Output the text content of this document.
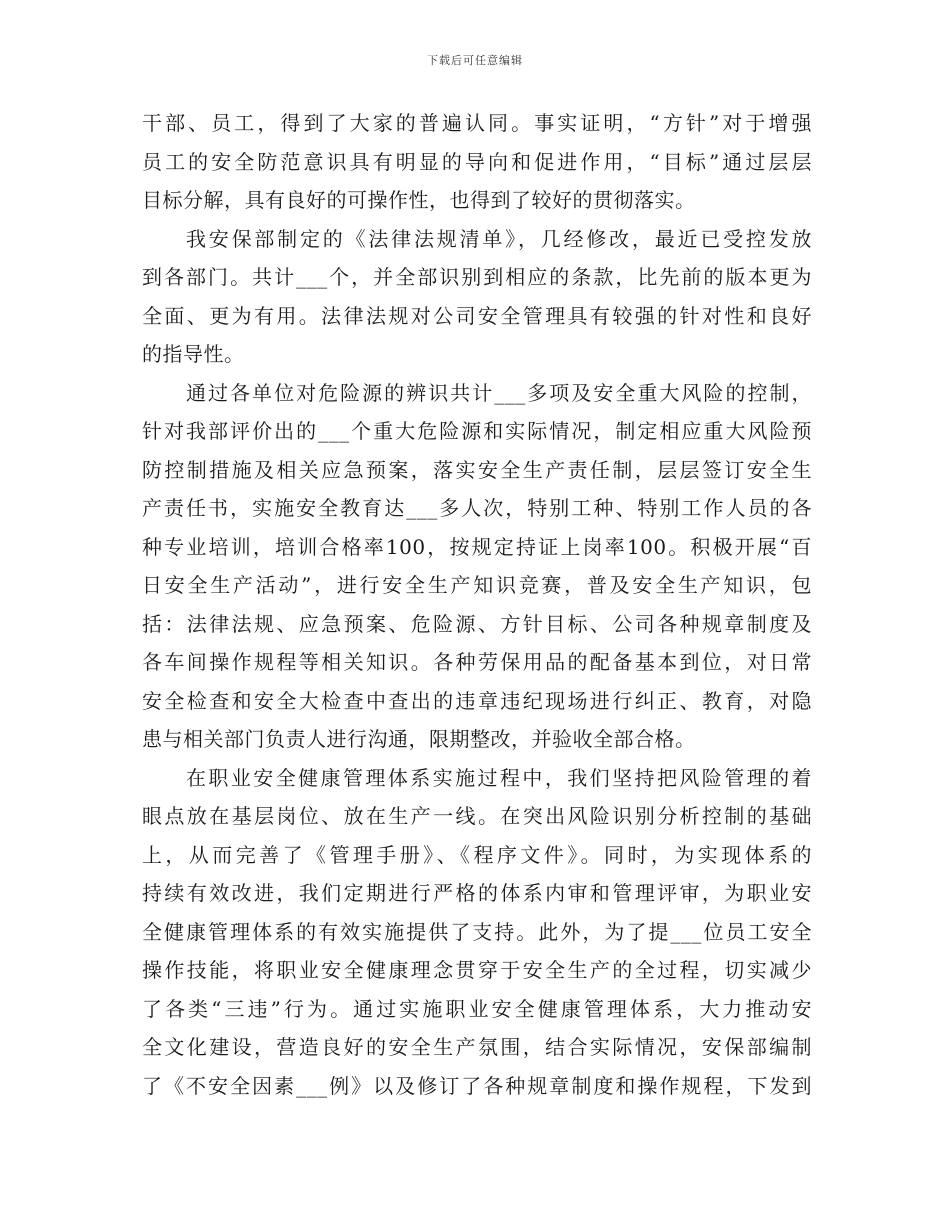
下载后可任意编辑
干部、员工，得到了大家的普遍认同。事实证明，“方针”对于增强
员工的安全防范意识具有明显的导向和促进作用，“目标”通过层层
目标分解，具有良好的可操作性，也得到了较好的贯彻落实。
我安保部制定的《法律法规清单》，几经修改，最近已受控发放
到各部门。共计___个，并全部识别到相应的条款，比先前的版本更为
全面、更为有用。法律法规对公司安全管理具有较强的针对性和良好
的指导性。
通过各单位对危险源的辨识共计___多项及安全重大风险的控制，
针对我部评价出的___个重大危险源和实际情况，制定相应重大风险预
防控制措施及相关应急预案，落实安全生产责任制，层层签订安全生
产责任书，实施安全教育达___多人次，特别工种、特别工作人员的各
种专业培训，培训合格率100，按规定持证上岗率100。积极开展“百
日安全生产活动”，进行安全生产知识竞赛，普及安全生产知识，包
括：法律法规、应急预案、危险源、方针目标、公司各种规章制度及
各车间操作规程等相关知识。各种劳保用品的配备基本到位，对日常
安全检查和安全大检查中查出的违章违纪现场进行纠正、教育，对隐
患与相关部门负责人进行沟通，限期整改，并验收全部合格。
在职业安全健康管理体系实施过程中，我们坚持把风险管理的着
眼点放在基层岗位、放在生产一线。在突出风险识别分析控制的基础
上，从而完善了《管理手册》、《程序文件》。同时，为实现体系的
持续有效改进，我们定期进行严格的体系内审和管理评审，为职业安
全健康管理体系的有效实施提供了支持。此外，为了提___位员工安全
操作技能，将职业安全健康理念贯穿于安全生产的全过程，切实减少
了各类“三违”行为。通过实施职业安全健康管理体系，大力推动安
全文化建设，营造良好的安全生产氛围，结合实际情况，安保部编制
了《不安全因素___例》以及修订了各种规章制度和操作规程，下发到
